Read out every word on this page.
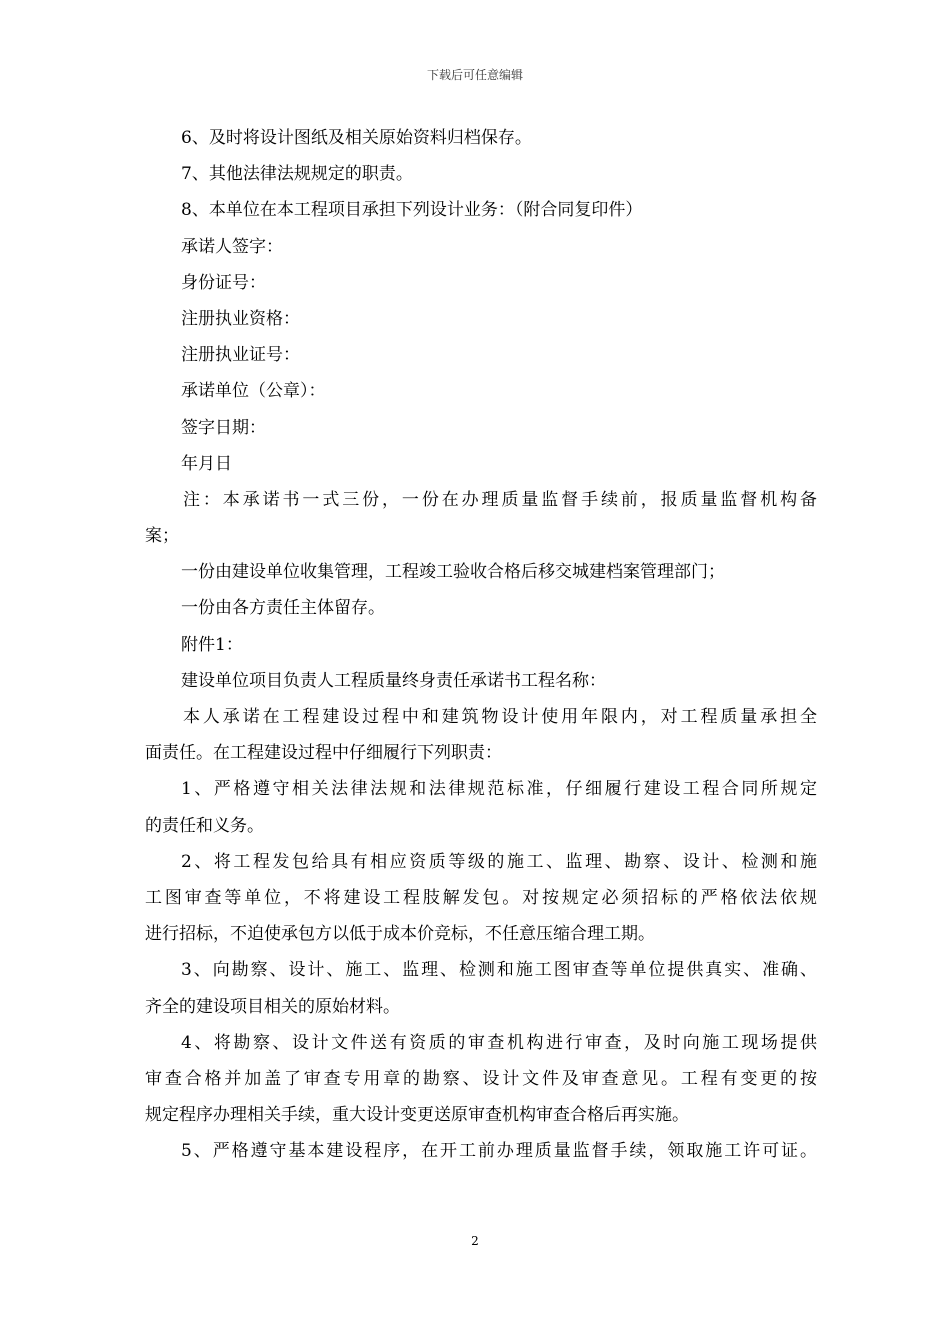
下载后可任意编辑
6、及时将设计图纸及相关原始资料归档保存。
7、其他法律法规规定的职责。
8、本单位在本工程项目承担下列设计业务：（附合同复印件）
承诺人签字：
身份证号：
注册执业资格：
注册执业证号：
承诺单位（公章）：
签字日期：
年月日
注：本承诺书一式三份，一份在办理质量监督手续前，报质量监督机构备
案；
一份由建设单位收集管理，工程竣工验收合格后移交城建档案管理部门；
一份由各方责任主体留存。
附件1：
建设单位项目负责人工程质量终身责任承诺书工程名称：
本人承诺在工程建设过程中和建筑物设计使用年限内，对工程质量承担全
面责任。在工程建设过程中仔细履行下列职责：
1、严格遵守相关法律法规和法律规范标准，仔细履行建设工程合同所规定
的责任和义务。
2、将工程发包给具有相应资质等级的施工、监理、勘察、设计、检测和施
工图审查等单位，不将建设工程肢解发包。对按规定必须招标的严格依法依规
进行招标，不迫使承包方以低于成本价竞标，不任意压缩合理工期。
3、向勘察、设计、施工、监理、检测和施工图审查等单位提供真实、准确、
齐全的建设项目相关的原始材料。
4、将勘察、设计文件送有资质的审查机构进行审查，及时向施工现场提供
审查合格并加盖了审查专用章的勘察、设计文件及审查意见。工程有变更的按
规定程序办理相关手续，重大设计变更送原审查机构审查合格后再实施。
5、严格遵守基本建设程序，在开工前办理质量监督手续，领取施工许可证。
2
